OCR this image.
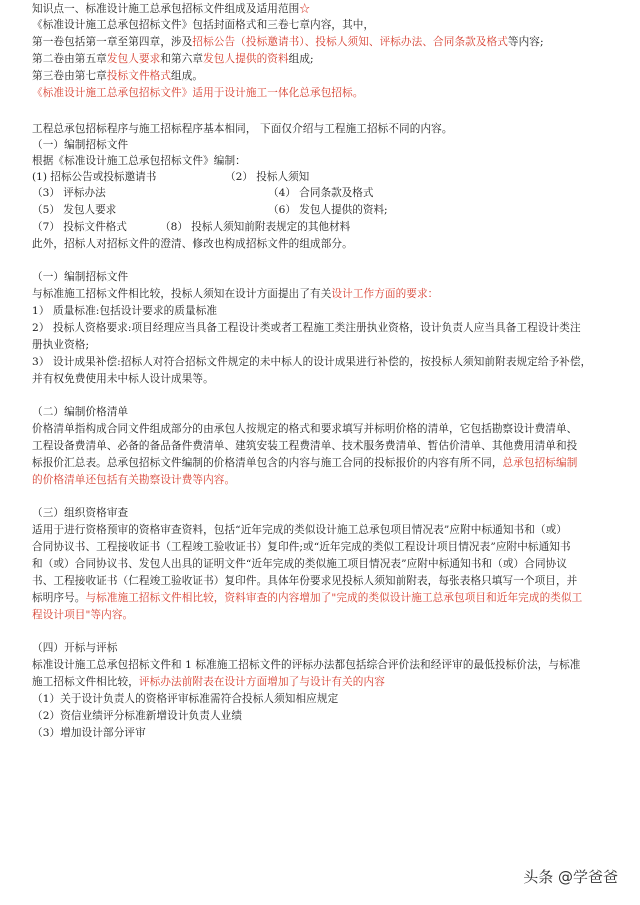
知识点一、标准设计施工总承包招标文件组成及适用范围☆
《标准设计施工总承包招标文件》包括封面格式和三卷七章内容，其中，
第一卷包括第一章至第四章，涉及招标公告（投标邀请书）、投标人须知、评标办法、合同条款及格式等内容;
第二卷由第五章发包人要求和第六章发包人提供的资料组成;
第三卷由第七章投标文件格式组成。
《标准设计施工总承包招标文件》适用于设计施工一体化总承包招标。
工程总承包招标程序与施工招标程序基本相同， 下面仅介绍与工程施工招标不同的内容。
（一）编制招标文件
根据《标准设计施工总承包招标文件》编制：
(1) 招标公告或投标邀请书	（2） 投标人须知
（3） 评标办法	（4） 合同条款及格式
（5） 发包人要求	（6） 发包人提供的资料;
（7） 投标文件格式	（8） 投标人须知前附表规定的其他材料
此外，招标人对招标文件的澄清、修改也构成招标文件的组成部分。
（一）编制招标文件
与标准施工招标文件相比较，投标人须知在设计方面提出了有关设计工作方面的要求：
1） 质量标准:包括设计要求的质量标准
2） 投标人资格要求:项目经理应当具备工程设计类或者工程施工类注册执业资格，设计负责人应当具备工程设计类注
册执业资格;
3） 设计成果补偿:招标人对符合招标文件规定的未中标人的设计成果进行补偿的，按投标人须知前附表规定给予补偿，
并有权免费使用未中标人设计成果等。
（二）编制价格清单
价格清单指构成合同文件组成部分的由承包人按规定的格式和要求填写并标明价格的清单，它包括勘察设计费清单、
工程设备费清单、必备的备品备件费清单、建筑安装工程费清单、技术服务费清单、暂估价清单、其他费用清单和投
标报价汇总表。总承包招标文件编制的价格清单包含的内容与施工合同的投标报价的内容有所不同，总承包招标编制
的价格清单还包括有关勘察设计费等内容。
（三）组织资格审查
适用于进行资格预审的资格审查资料，包括“近年完成的类似设计施工总承包项目情况表”应附中标通知书和（或）
合同协议书、工程接收证书（工程竣工验收证书）复印件;或“近年完成的类似工程设计项目情况表”应附中标通知书
和（或）合同协议书、发包人出具的证明文件“近年完成的类似施工项目情况表”应附中标通知书和（或）合同协议
书、工程接收证书（仁程竣工验收证书）复印件。具体年份要求见投标人须知前附表，每张表格只填写一个项目，并
标明序号。与标准施工招标文件相比较，资料审查的内容增加了"完成的类似设计施工总承包项目和近年完成的类似工
程设计项目"等内容。
（四）开标与评标
标准设计施工总承包招标文件和 1 标准施工招标文件的评标办法都包括综合评价法和经评审的最低投标价法，与标准
施工招标文件相比较，评标办法前附表在设计方面增加了与设计有关的内容
（1）关于设计负责人的资格评审标准需符合投标人须知相应规定
（2）资信业绩评分标准新增设计负责人业绩
（3）增加设计部分评审
头条 @学爸爸
